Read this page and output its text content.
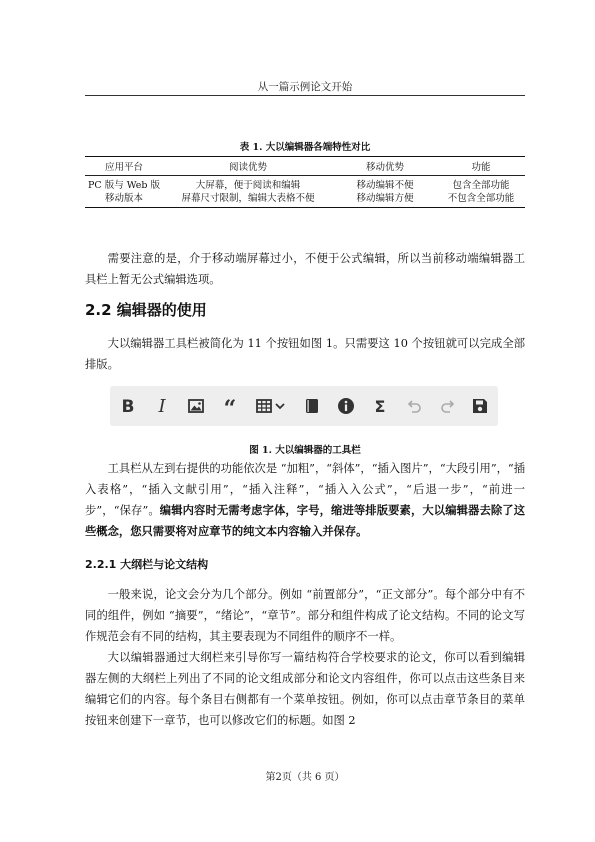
从一篇示例论文开始
表 1. 大以编辑器各端特性对比
应用平台	阅读优势	移动优势	功能
PC 版与 Web 版	大屏幕，便于阅读和编辑	移动编辑不便	包含全部功能
移动版本	屏幕尺寸限制，编辑大表格不便	移动编辑方便	不包含全部功能

需要注意的是，介于移动端屏幕过小，不便于公式编辑，所以当前移动端编辑器工具栏上暂无公式编辑选项。

2.2 编辑器的使用

大以编辑器工具栏被简化为 11 个按钮如图 1。只需要这 10 个按钮就可以完成全部排版。

B I	“	Σ
图 1. 大以编辑器的工具栏

工具栏从左到右提供的功能依次是 “加粗”，“斜体”，“插入图片”，“大段引用”，“插入表格”，“插入文献引用”，“插入注释”，“插入入公式”，“后退一步”，“前进一步”，“保存”。编辑内容时无需考虑字体，字号，缩进等排版要素，大以编辑器去除了这些概念，您只需要将对应章节的纯文本内容输入并保存。

2.2.1 大纲栏与论文结构

一般来说，论文会分为几个部分。例如 “前置部分”，“正文部分”。每个部分中有不同的组件，例如 “摘要”，“绪论”，“章节”。部分和组件构成了论文结构。不同的论文写作规范会有不同的结构，其主要表现为不同组件的顺序不一样。

大以编辑器通过大纲栏来引导你写一篇结构符合学校要求的论文，你可以看到编辑器左侧的大纲栏上列出了不同的论文组成部分和论文内容组件，你可以点击这些条目来编辑它们的内容。每个条目右侧都有一个菜单按钮。例如，你可以点击章节条目的菜单按钮来创建下一章节，也可以修改它们的标题。如图 2

第2页（共 6 页）
